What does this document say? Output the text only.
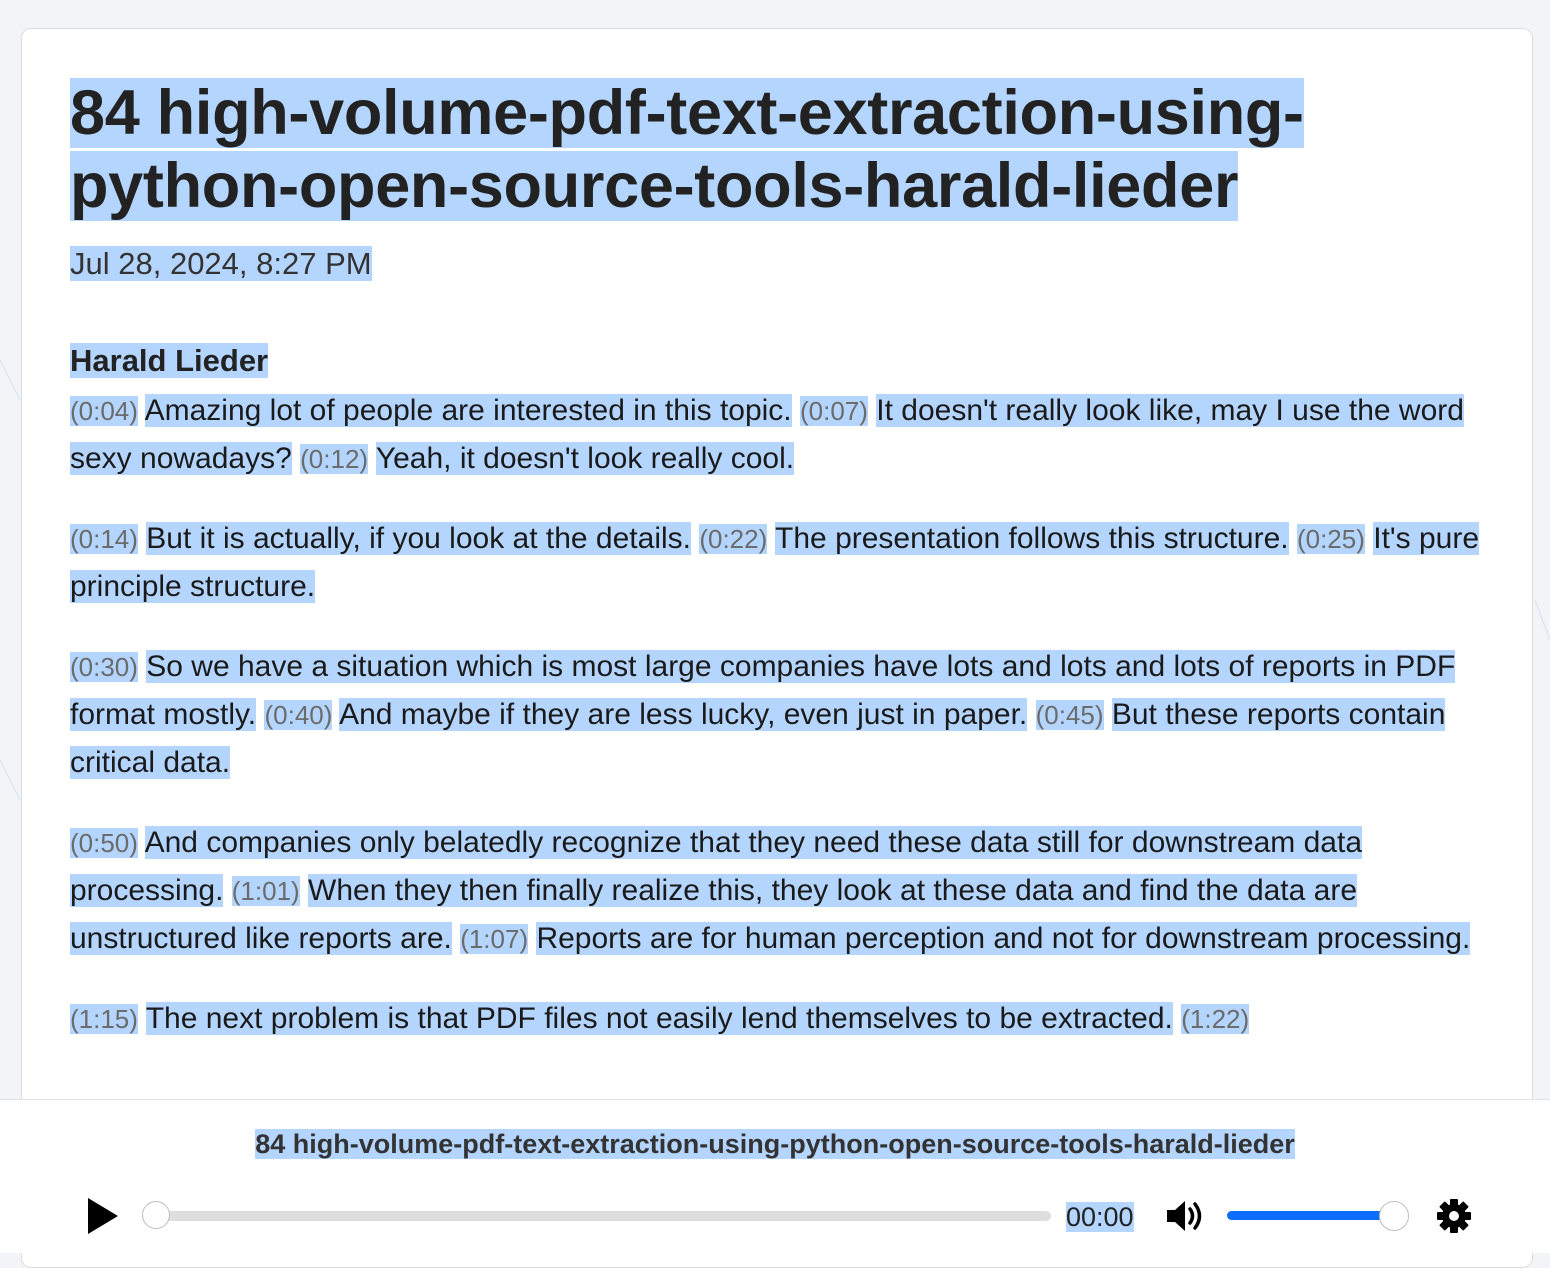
84 high-volume-pdf-text-extraction-using-python-open-source-tools-harald-lieder
Jul 28, 2024, 8:27 PM
Harald Lieder

(0:04) Amazing lot of people are interested in this topic. (0:07) It doesn't really look like, may I use the word sexy nowadays? (0:12) Yeah, it doesn't look really cool.

(0:14) But it is actually, if you look at the details. (0:22) The presentation follows this structure. (0:25) It's pure principle structure.

(0:30) So we have a situation which is most large companies have lots and lots and lots of reports in PDF format mostly. (0:40) And maybe if they are less lucky, even just in paper. (0:45) But these reports contain critical data.

(0:50) And companies only belatedly recognize that they need these data still for downstream data processing. (1:01) When they then finally realize this, they look at these data and find the data are unstructured like reports are. (1:07) Reports are for human perception and not for downstream processing.

(1:15) The next problem is that PDF files not easily lend themselves to be extracted. (1:22)

84 high-volume-pdf-text-extraction-using-python-open-source-tools-harald-lieder
00:00
